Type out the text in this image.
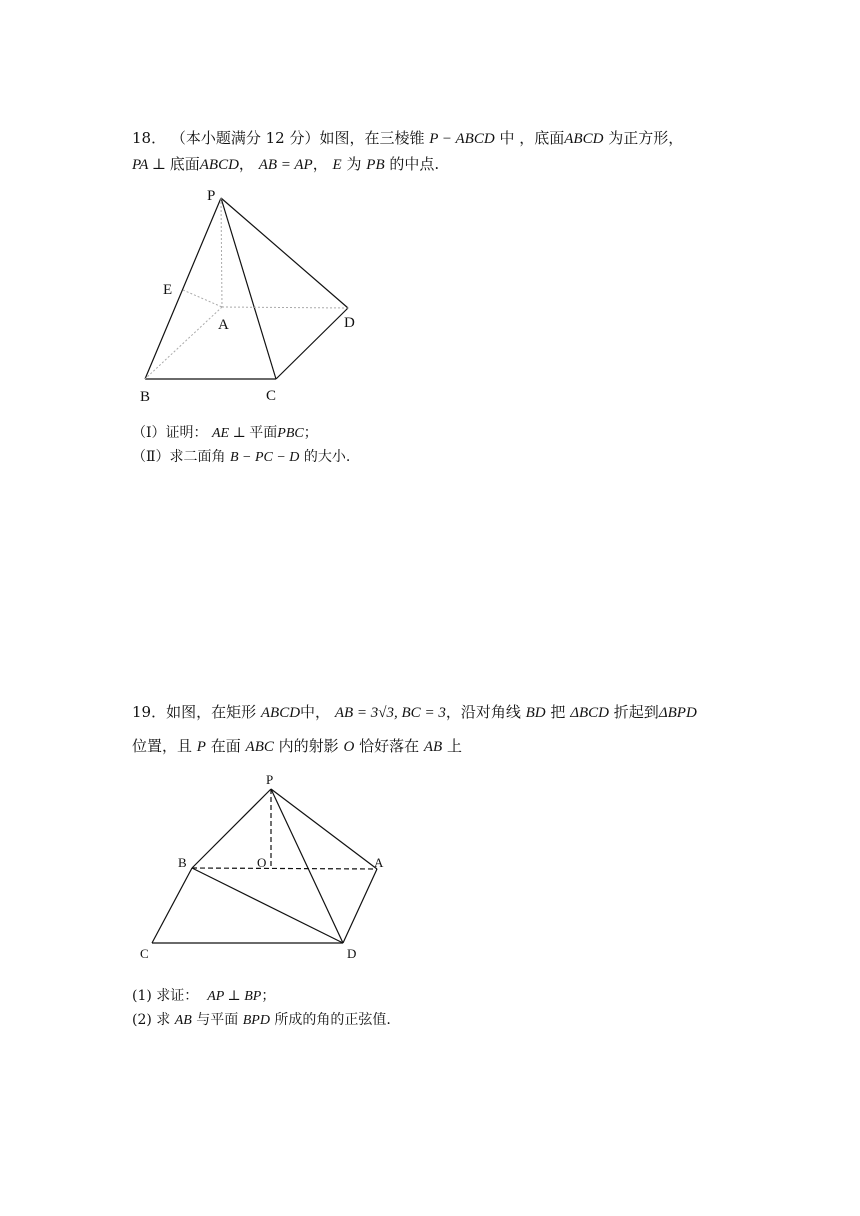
18． （本小题满分 12 分）如图，在三棱锥 P − ABCD 中 ，底面ABCD 为正方形，
PA ⊥ 底面ABCD， AB = AP， E 为 PB 的中点.
P
E
A	D
B	C
（Ⅰ）证明： AE ⊥ 平面PBC；
（Ⅱ）求二面角 B − PC − D 的大小.
19．如图，在矩形 ABCD中， AB = 3√3, BC = 3，沿对角线 BD 把 ΔBCD 折起到ΔBPD
位置，且 P 在面 ABC 内的射影 O 恰好落在 AB 上
P
B	O	A
C	D
(1) 求证： AP ⊥ BP；
(2) 求 AB 与平面 BPD 所成的角的正弦值.
